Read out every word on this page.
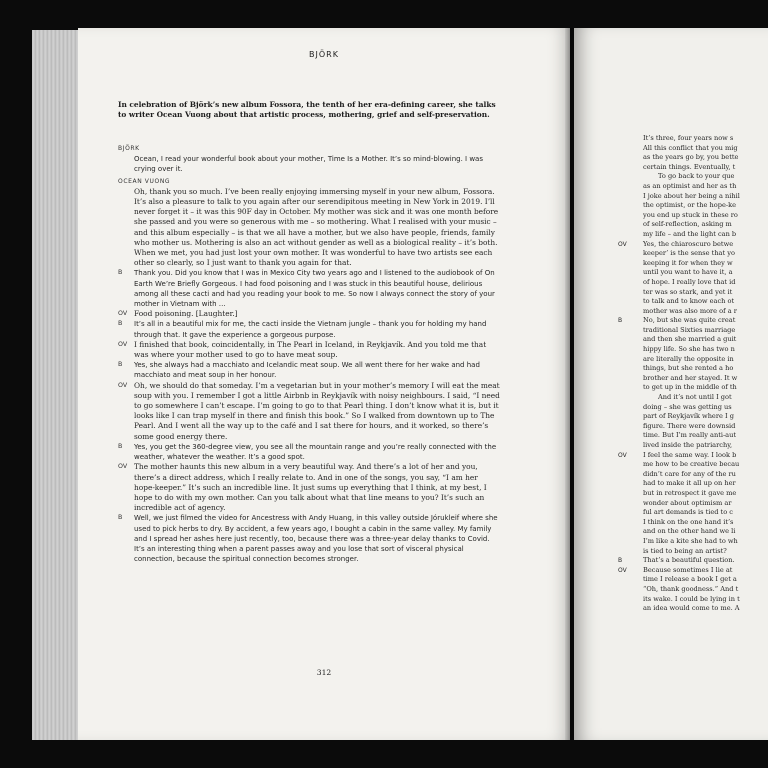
BJÖRK
It’s three, four years now s
All this conflict that you mig
as the years go by, you bette
certain things. Eventually, t
To go back to your que
as an optimist and her as th
I joke about her being a nihil
the optimist, or the hope-ke
you end up stuck in these ro
of self-reflection, asking m
my life – and the light can b
OV Yes, the chiaroscuro betwe
keeper’ is the sense that yo
keeping it for when they w
until you want to have it, a
of hope. I really love that id
ter was so stark, and yet it
to talk and to know each ot
mother was also more of a r
B	No, but she was quite creat
traditional Sixties marriage
and then she married a guit
hippy life. So she has two n
are literally the opposite in
things, but she rented a ho
brother and her stayed. It w
to get up in the middle of th
And it’s not until I got
doing – she was getting us
part of Reykjavík where I g
figure. There were downsid
time. But I’m really anti-aut
lived inside the patriarchy,
OV I feel the same way. I look b
me how to be creative becau
didn’t care for any of the ru
had to make it all up on her
but in retrospect it gave me
wonder about optimism ar
ful art demands is tied to c
I think on the one hand it’s
and on the other hand we li
I’m like a kite she had to wh
is tied to being an artist?
B	That’s a beautiful question.
OV Because sometimes I lie at
time I release a book I get a
“Oh, thank goodness.” And t
its wake. I could be lying in t
an idea would come to me. A
In celebration of Björk’s new album Fossora, the tenth of her era-defining career, she talks to writer Ocean Vuong about that artistic process, mothering, grief and self-preservation.
BJÖRK
Ocean, I read your wonderful book about your mother, Time Is a Mother. It’s so mind-blowing. I was crying over it.
OCEAN VUONG
Oh, thank you so much. I’ve been really enjoying immersing myself in your new album, Fossora. It’s also a pleasure to talk to you again after our serendipitous meeting in New York in 2019. I’ll never forget it – it was this 90F day in October. My mother was sick and it was one month before she passed and you were so generous with me – so mothering. What I realised with your music – and this album especially – is that we all have a mother, but we also have people, friends, family who mother us. Mothering is also an act without gender as well as a biological reality – it’s both. When we met, you had just lost your own mother. It was wonderful to have two artists see each other so clearly, so I just want to thank you again for that.
B Thank you. Did you know that I was in Mexico City two years ago and I listened to the audiobook of On Earth We’re Briefly Gorgeous. I had food poisoning and I was stuck in this beautiful house, delirious among all these cacti and had you reading your book to me. So now I always connect the story of your mother in Vietnam with …
OV Food poisoning. [Laughter.]
B It’s all in a beautiful mix for me, the cacti inside the Vietnam jungle – thank you for holding my hand through that. It gave the experience a gorgeous purpose.
OV I finished that book, coincidentally, in The Pearl in Iceland, in Reykjavík. And you told me that was where your mother used to go to have meat soup.
B Yes, she always had a macchiato and Icelandic meat soup. We all went there for her wake and had macchiato and meat soup in her honour.
OV Oh, we should do that someday. I’m a vegetarian but in your mother’s memory I will eat the meat soup with you. I remember I got a little Airbnb in Reykjavík with noisy neighbours. I said, “I need to go somewhere I can’t escape. I’m going to go to that Pearl thing. I don’t know what it is, but it looks like I can trap myself in there and finish this book.” So I walked from downtown up to The Pearl. And I went all the way up to the café and I sat there for hours, and it worked, so there’s some good energy there.
B Yes, you get the 360-degree view, you see all the mountain range and you’re really connected with the weather, whatever the weather. It’s a good spot.
OV The mother haunts this new album in a very beautiful way. And there’s a lot of her and you, there’s a direct address, which I really relate to. And in one of the songs, you say, “I am her hope-keeper.” It’s such an incredible line. It just sums up everything that I think, at my best, I hope to do with my own mother. Can you talk about what that line means to you? It’s such an incredible act of agency.
B Well, we just filmed the video for Ancestress with Andy Huang, in this valley outside Jórukleif where she used to pick herbs to dry. By accident, a few years ago, I bought a cabin in the same valley. My family and I spread her ashes here just recently, too, because there was a three-year delay thanks to Covid. It’s an interesting thing when a parent passes away and you lose that sort of visceral physical connection, because the spiritual connection becomes stronger.
312
